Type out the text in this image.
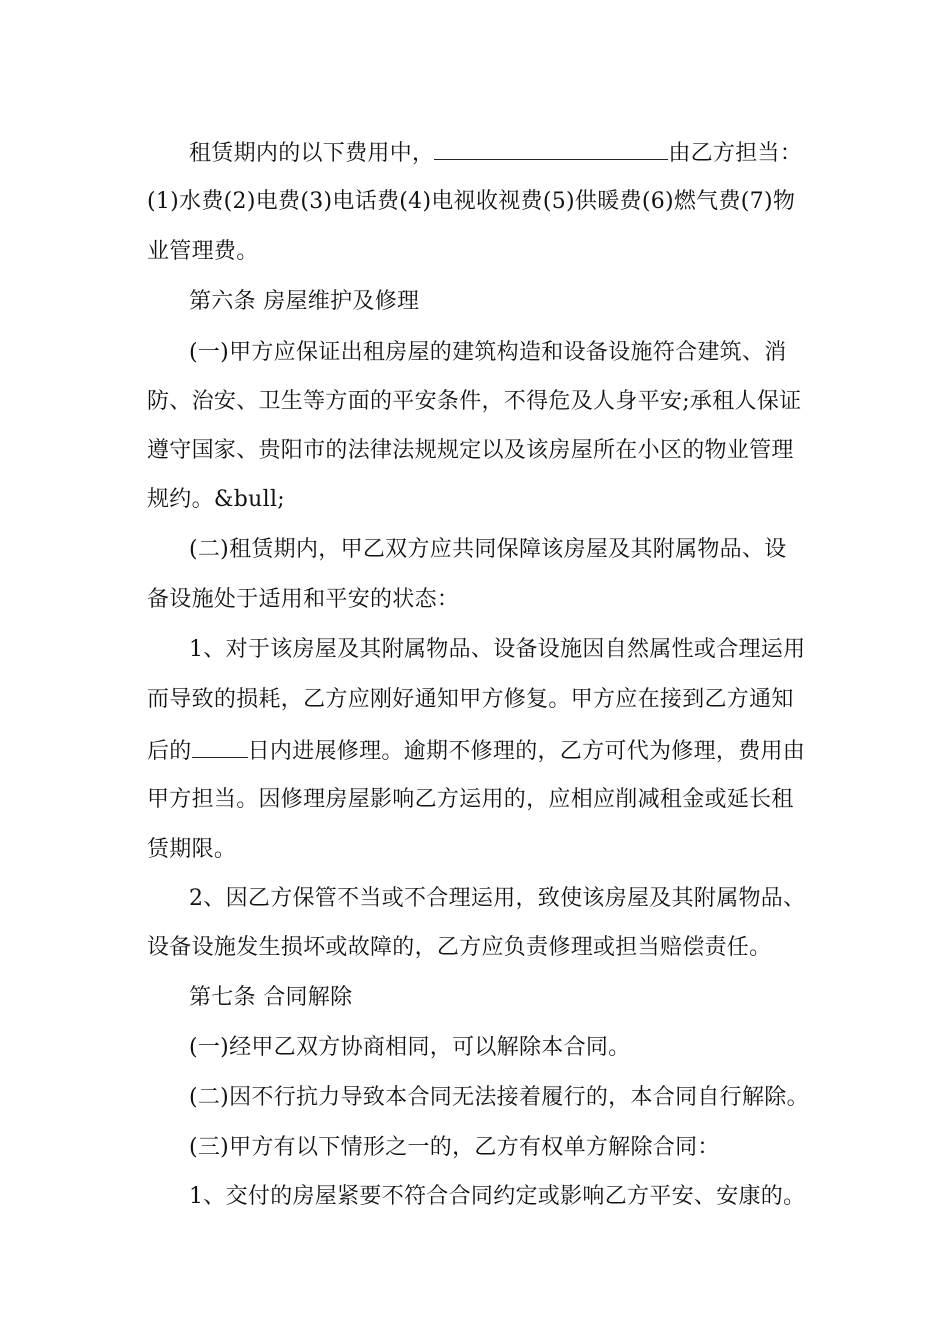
租赁期内的以下费用中，	由乙方担当：
(1)水费(2)电费(3)电话费(4)电视收视费(5)供暖费(6)燃气费(7)物
业管理费。
第六条 房屋维护及修理
(一)甲方应保证出租房屋的建筑构造和设备设施符合建筑、消
防、治安、卫生等方面的平安条件，不得危及人身平安;承租人保证
遵守国家、贵阳市的法律法规规定以及该房屋所在小区的物业管理
规约。&bull;
(二)租赁期内，甲乙双方应共同保障该房屋及其附属物品、设
备设施处于适用和平安的状态：
1、对于该房屋及其附属物品、设备设施因自然属性或合理运用
而导致的损耗，乙方应刚好通知甲方修复。甲方应在接到乙方通知
后的	日内进展修理。逾期不修理的，乙方可代为修理，费用由
甲方担当。因修理房屋影响乙方运用的，应相应削减租金或延长租
赁期限。
2、因乙方保管不当或不合理运用，致使该房屋及其附属物品、
设备设施发生损坏或故障的，乙方应负责修理或担当赔偿责任。
第七条 合同解除
(一)经甲乙双方协商相同，可以解除本合同。
(二)因不行抗力导致本合同无法接着履行的，本合同自行解除。
(三)甲方有以下情形之一的，乙方有权单方解除合同：
1、交付的房屋紧要不符合合同约定或影响乙方平安、安康的。
